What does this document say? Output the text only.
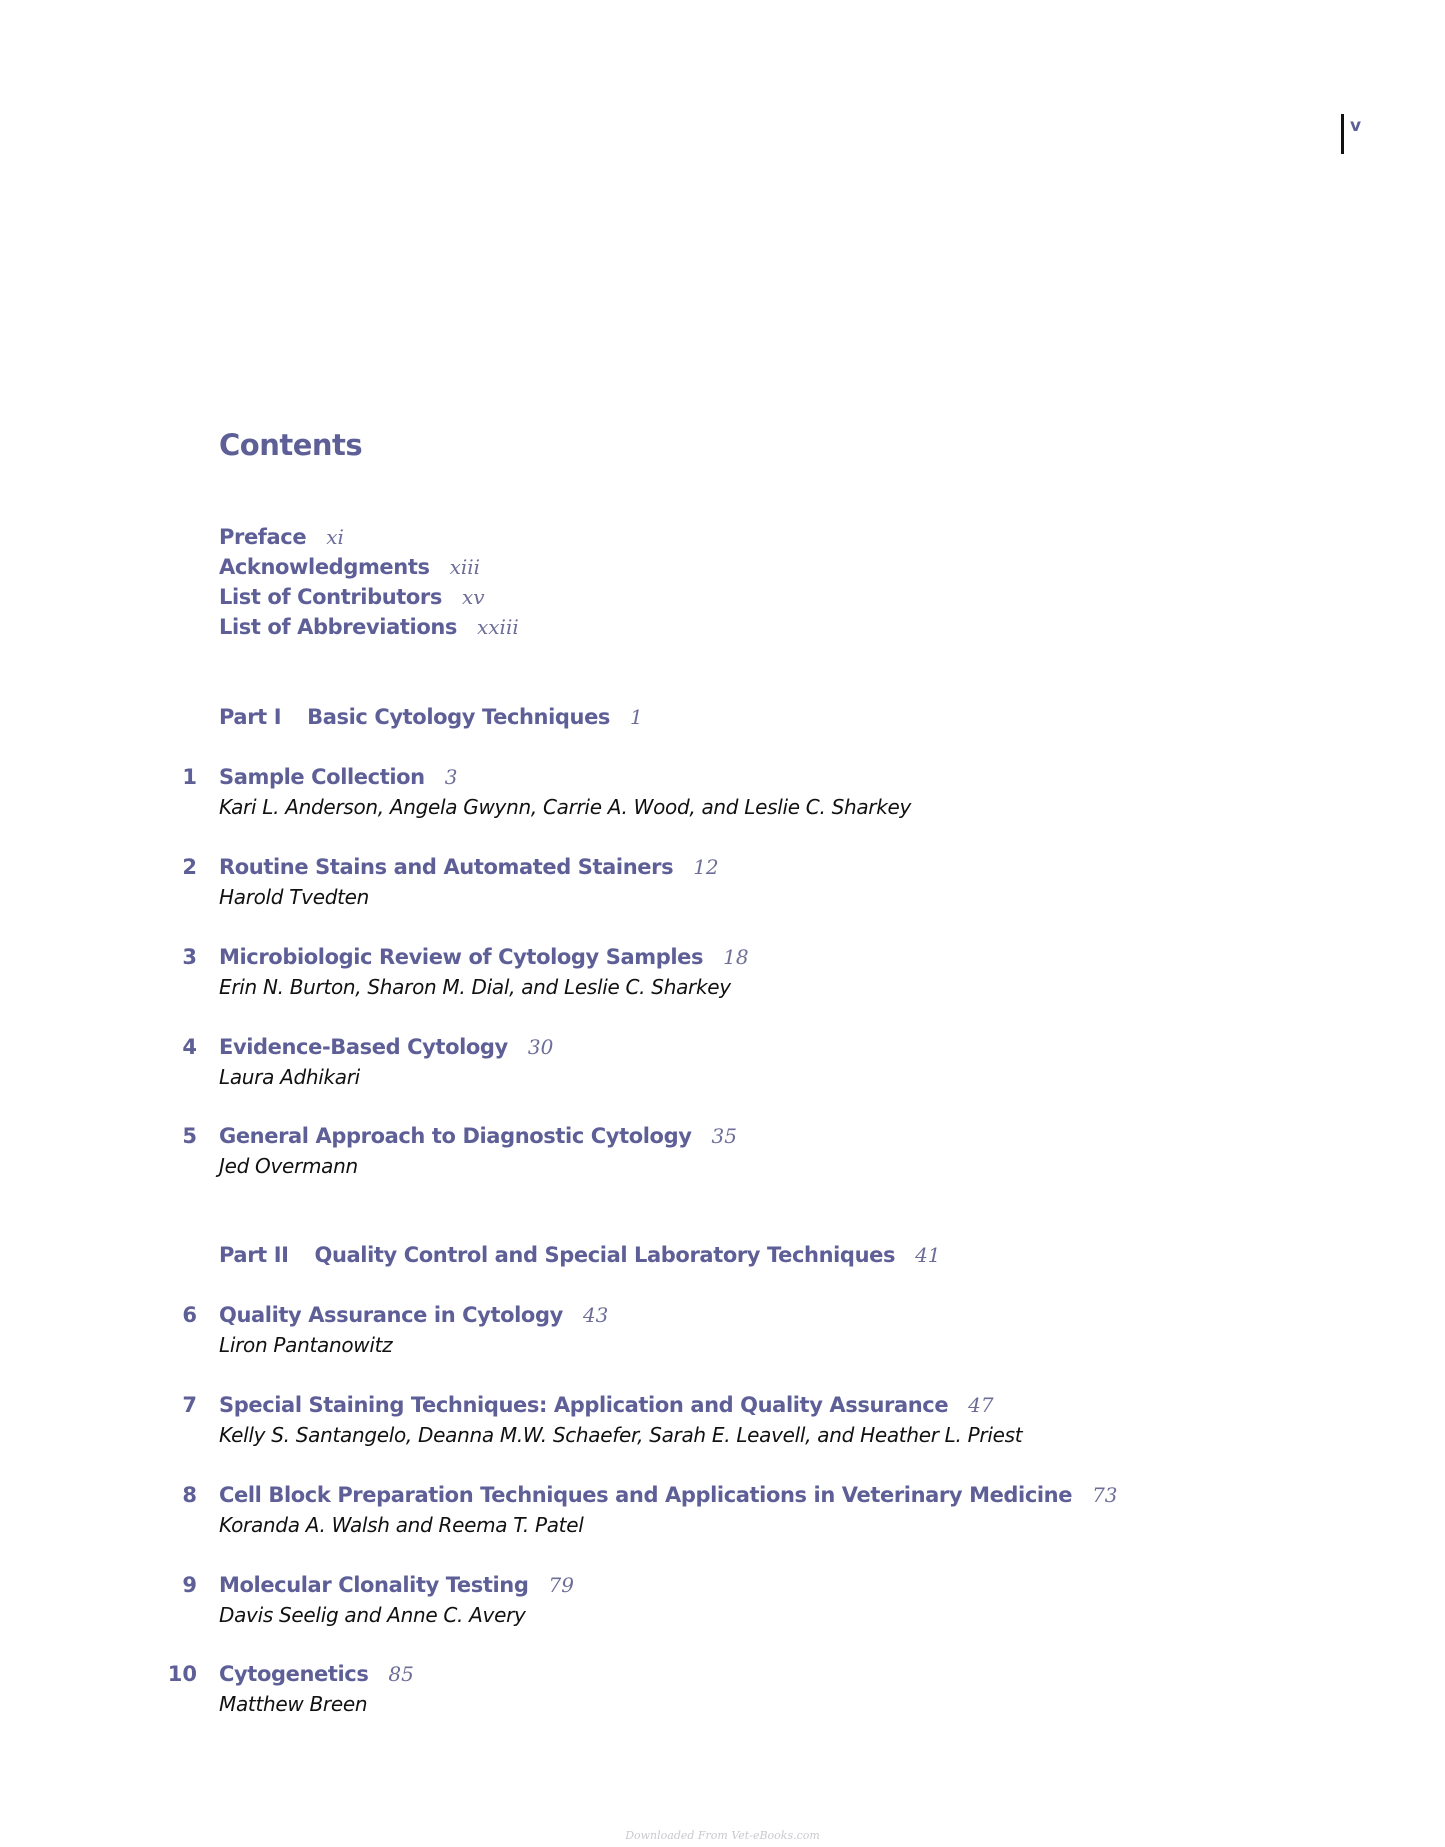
v
Contents
Preface xi
Acknowledgments xiii
List of Contributors xv
List of Abbreviations xxiii
Part I Basic Cytology Techniques 1
1 Sample Collection 3
Kari L. Anderson, Angela Gwynn, Carrie A. Wood, and Leslie C. Sharkey
2 Routine Stains and Automated Stainers 12
Harold Tvedten
3 Microbiologic Review of Cytology Samples 18
Erin N. Burton, Sharon M. Dial, and Leslie C. Sharkey
4 Evidence-Based Cytology 30
Laura Adhikari
5 General Approach to Diagnostic Cytology 35
Jed Overmann
Part II Quality Control and Special Laboratory Techniques 41
6 Quality Assurance in Cytology 43
Liron Pantanowitz
7 Special Staining Techniques: Application and Quality Assurance 47
Kelly S. Santangelo, Deanna M.W. Schaefer, Sarah E. Leavell, and Heather L. Priest
8 Cell Block Preparation Techniques and Applications in Veterinary Medicine 73
Koranda A. Walsh and Reema T. Patel
9 Molecular Clonality Testing 79
Davis Seelig and Anne C. Avery
10 Cytogenetics 85
Matthew Breen
Downloaded From Vet-eBooks.com
